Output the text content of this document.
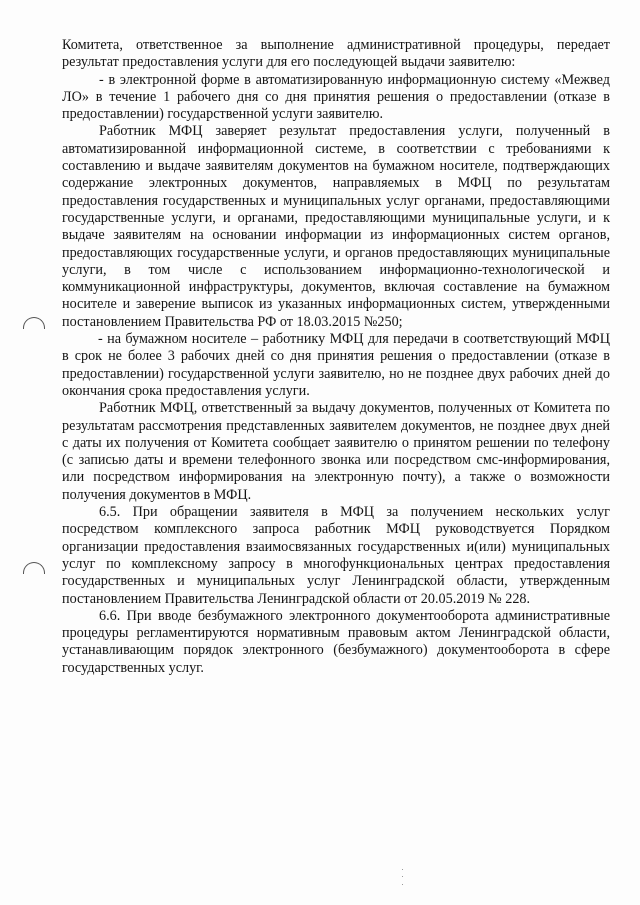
Комитета, ответственное за выполнение административной процедуры, передает результат предоставления услуги для его последующей выдачи заявителю:

- в электронной форме в автоматизированную информационную систему «Межвед ЛО» в течение 1 рабочего дня со дня принятия решения о предоставлении (отказе в предоставлении) государственной услуги заявителю.

Работник МФЦ заверяет результат предоставления услуги, полученный в автоматизированной информационной системе, в соответствии с требованиями к составлению и выдаче заявителям документов на бумажном носителе, подтверждающих содержание электронных документов, направляемых в МФЦ по результатам предоставления государственных и муниципальных услуг органами, предоставляющими государственные услуги, и органами, предоставляющими муниципальные услуги, и к выдаче заявителям на основании информации из информационных систем органов, предоставляющих государственные услуги, и органов предоставляющих муниципальные услуги, в том числе с использованием информационно-технологической и коммуникационной инфраструктуры, документов, включая составление на бумажном носителе и заверение выписок из указанных информационных систем, утвержденными постановлением Правительства РФ от 18.03.2015 №250;

- на бумажном носителе – работнику МФЦ для передачи в соответствующий МФЦ в срок не более 3 рабочих дней со дня принятия решения о предоставлении (отказе в предоставлении) государственной услуги заявителю, но не позднее двух рабочих дней до окончания срока предоставления услуги.

Работник МФЦ, ответственный за выдачу документов, полученных от Комитета по результатам рассмотрения представленных заявителем документов, не позднее двух дней с даты их получения от Комитета сообщает заявителю о принятом решении по телефону (с записью даты и времени телефонного звонка или посредством смс-информирования, или посредством информирования на электронную почту), а также о возможности получения документов в МФЦ.

6.5. При обращении заявителя в МФЦ за получением нескольких услуг посредством комплексного запроса работник МФЦ руководствуется Порядком организации предоставления взаимосвязанных государственных и(или) муниципальных услуг по комплексному запросу в многофункциональных центрах предоставления государственных и муниципальных услуг Ленинградской области, утвержденным постановлением Правительства Ленинградской области от 20.05.2019 № 228.

6.6. При вводе безбумажного электронного документооборота административные процедуры регламентируются нормативным правовым актом Ленинградской области, устанавливающим порядок электронного (безбумажного) документооборота в сфере государственных услуг.
